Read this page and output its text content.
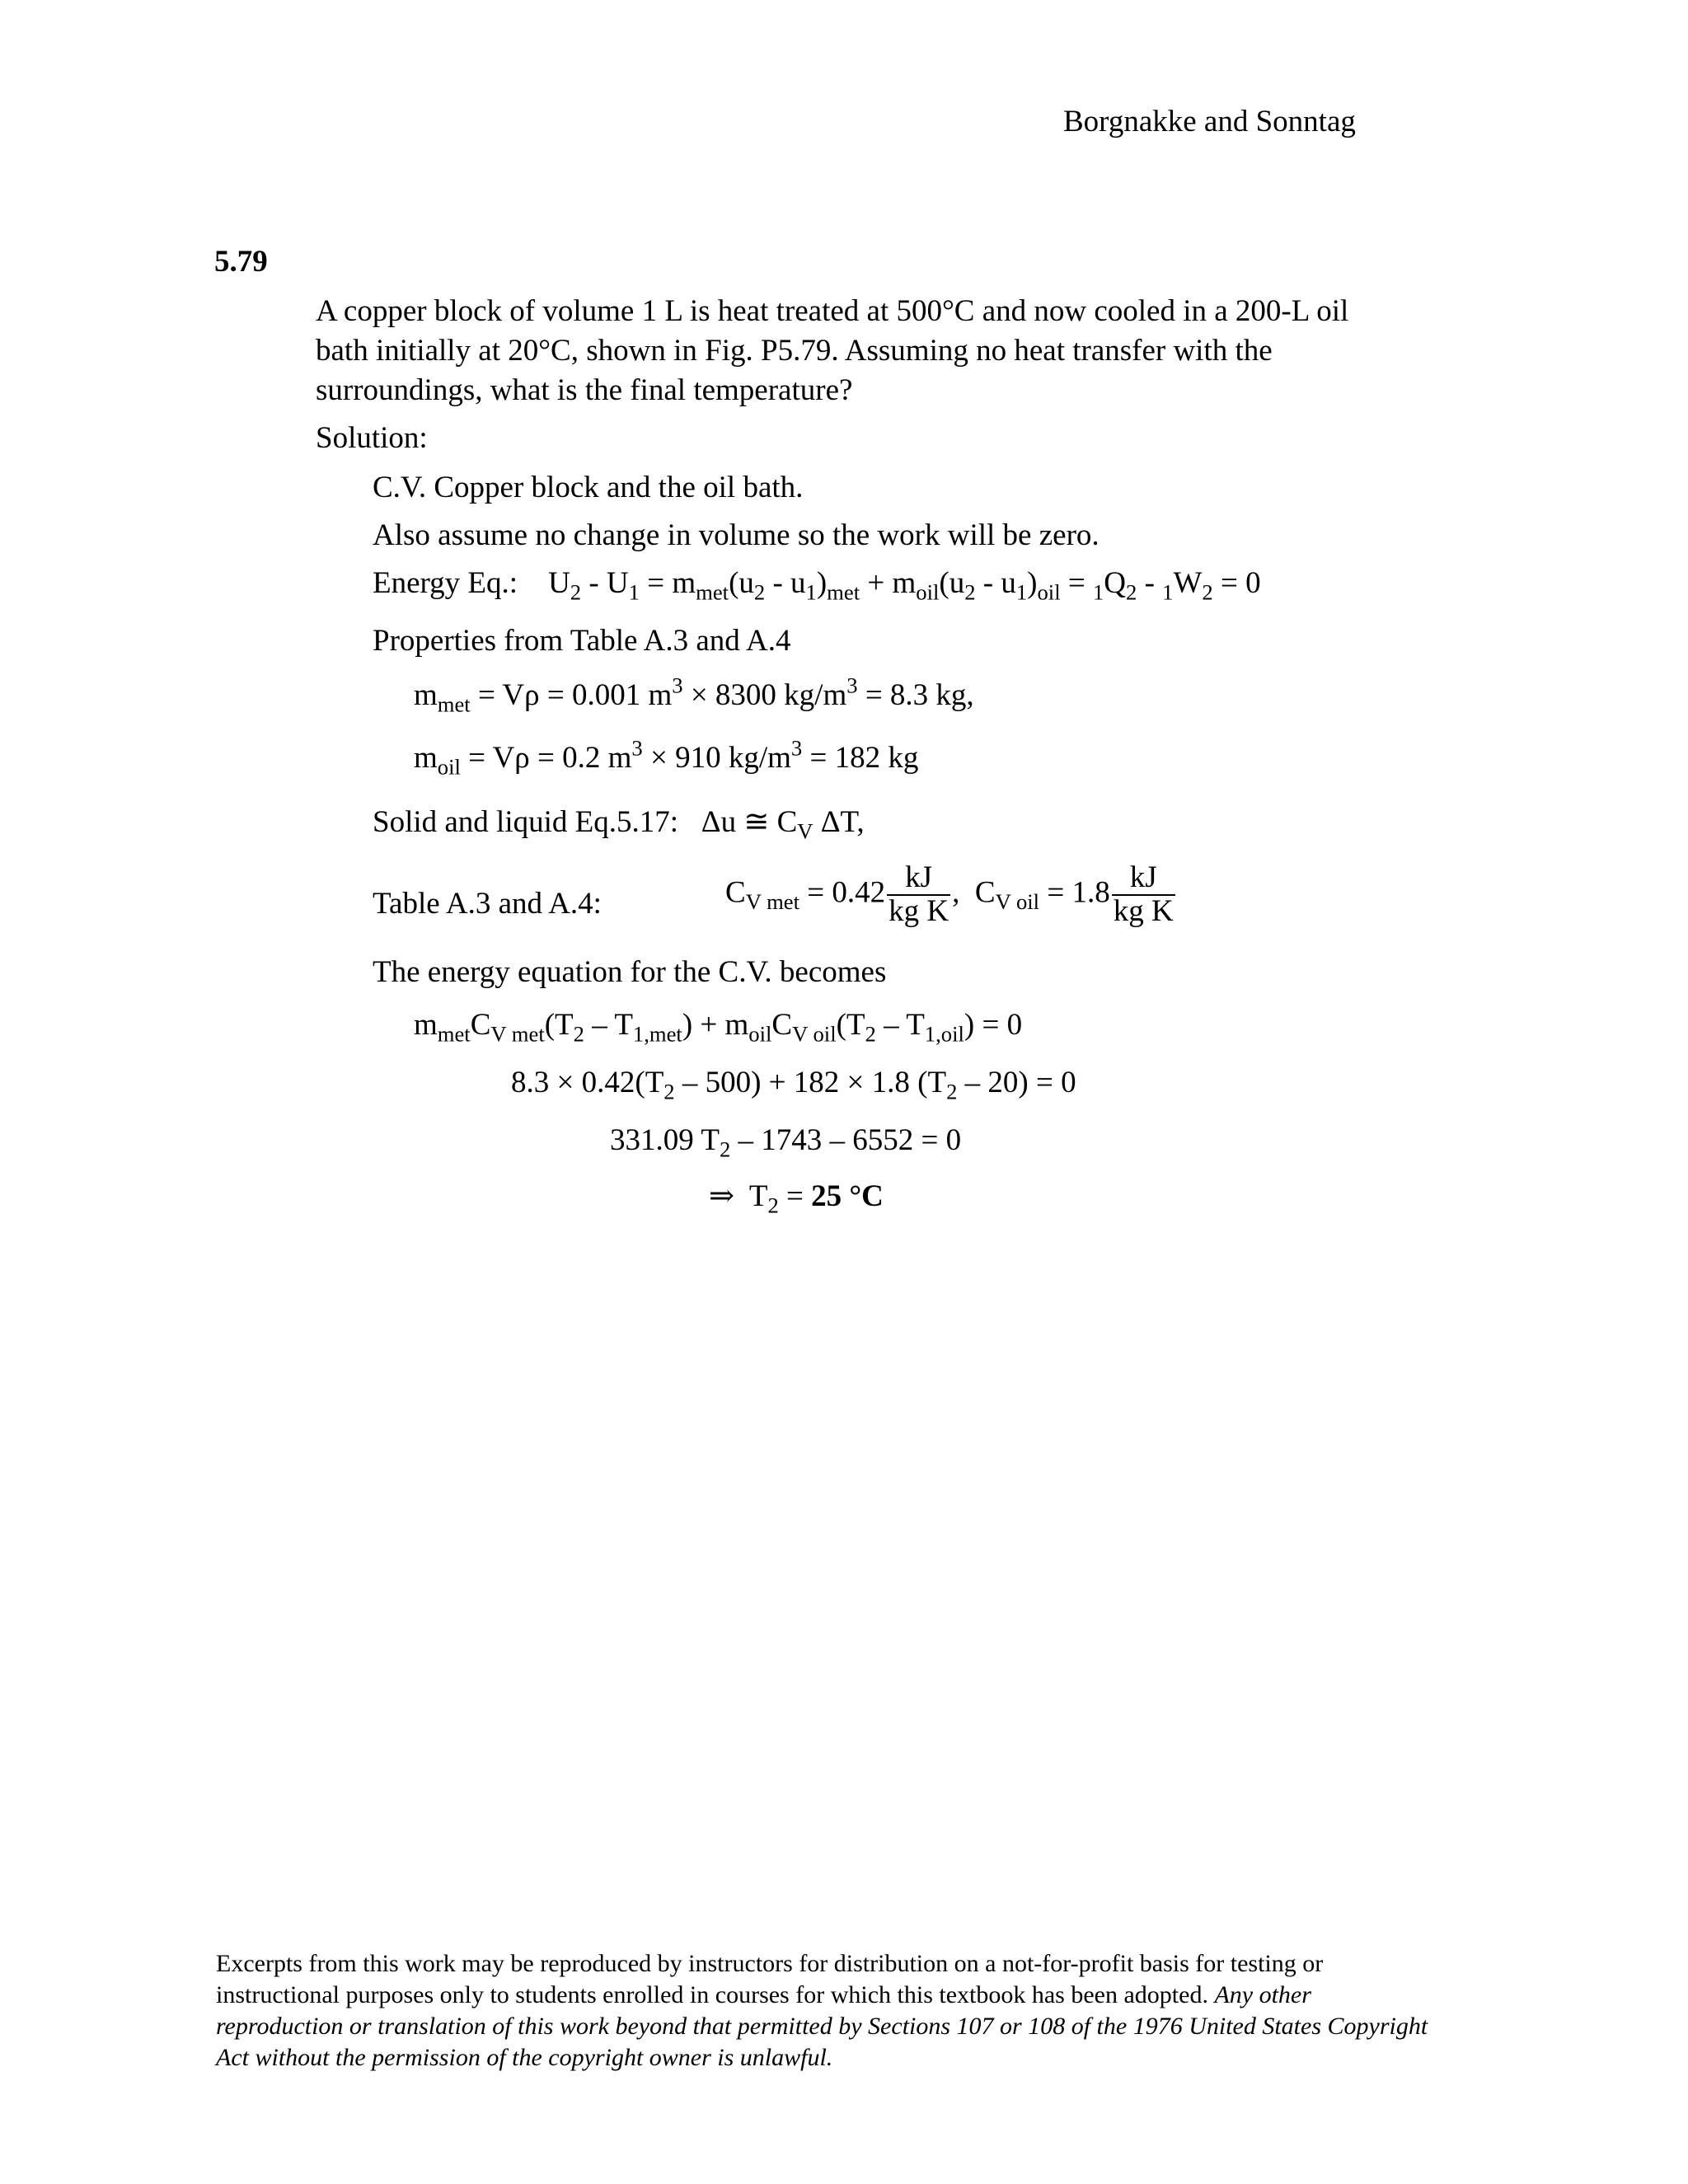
Borgnakke and Sonntag
5.79
A copper block of volume 1 L is heat treated at 500°C and now cooled in a 200-L oil
bath initially at 20°C, shown in Fig. P5.79. Assuming no heat transfer with the
surroundings, what is the final temperature?
Solution:
C.V. Copper block and the oil bath.
Also assume no change in volume so the work will be zero.
Energy Eq.:    $U_2 - U_1 = m_{met}(u_2 - u_1)_{met} + m_{oil}(u_2 - u_1)_{oil} = _1Q_2 - _1W_2 = 0$
Properties from Table A.3 and A.4
$m_{met} = V\rho = 0.001$ $m^3 \times 8300$ $kg/m^3 = 8.3$ kg,
$m_{oil} = V\rho = 0.2$ $m^3 \times 910$ $kg/m^3 = 182$ kg
Solid and liquid Eq.5.17:   Δu ≅ $C_V$ ΔT,
Table A.3 and A.4:	$C_{V met} = 0.42 \frac{kJ}{\text{kg K}}$ ,  $C_{V oil} = 1.8 \frac{kJ}{\text{kg K}}$
The energy equation for the C.V. becomes
$m_{met}C_{V met}(T_2 - T_{1,met}) + m_{oil}C_{V oil}(T_2 - T_{1,oil}) = 0$
$8.3 \times 0.42(T_2 - 500) + 182 \times 1.8$ $(T_2 - 20) = 0$
331.09 $T_2 - 1743 - 6552 = 0$
⇒  $T_2 = 25$ °C
Excerpts from this work may be reproduced by instructors for distribution on a not-for-profit basis for testing or instructional purposes only to students enrolled in courses for which this textbook has been adopted. Any other reproduction or translation of this work beyond that permitted by Sections 107 or 108 of the 1976 United States Copyright Act without the permission of the copyright owner is unlawful.
